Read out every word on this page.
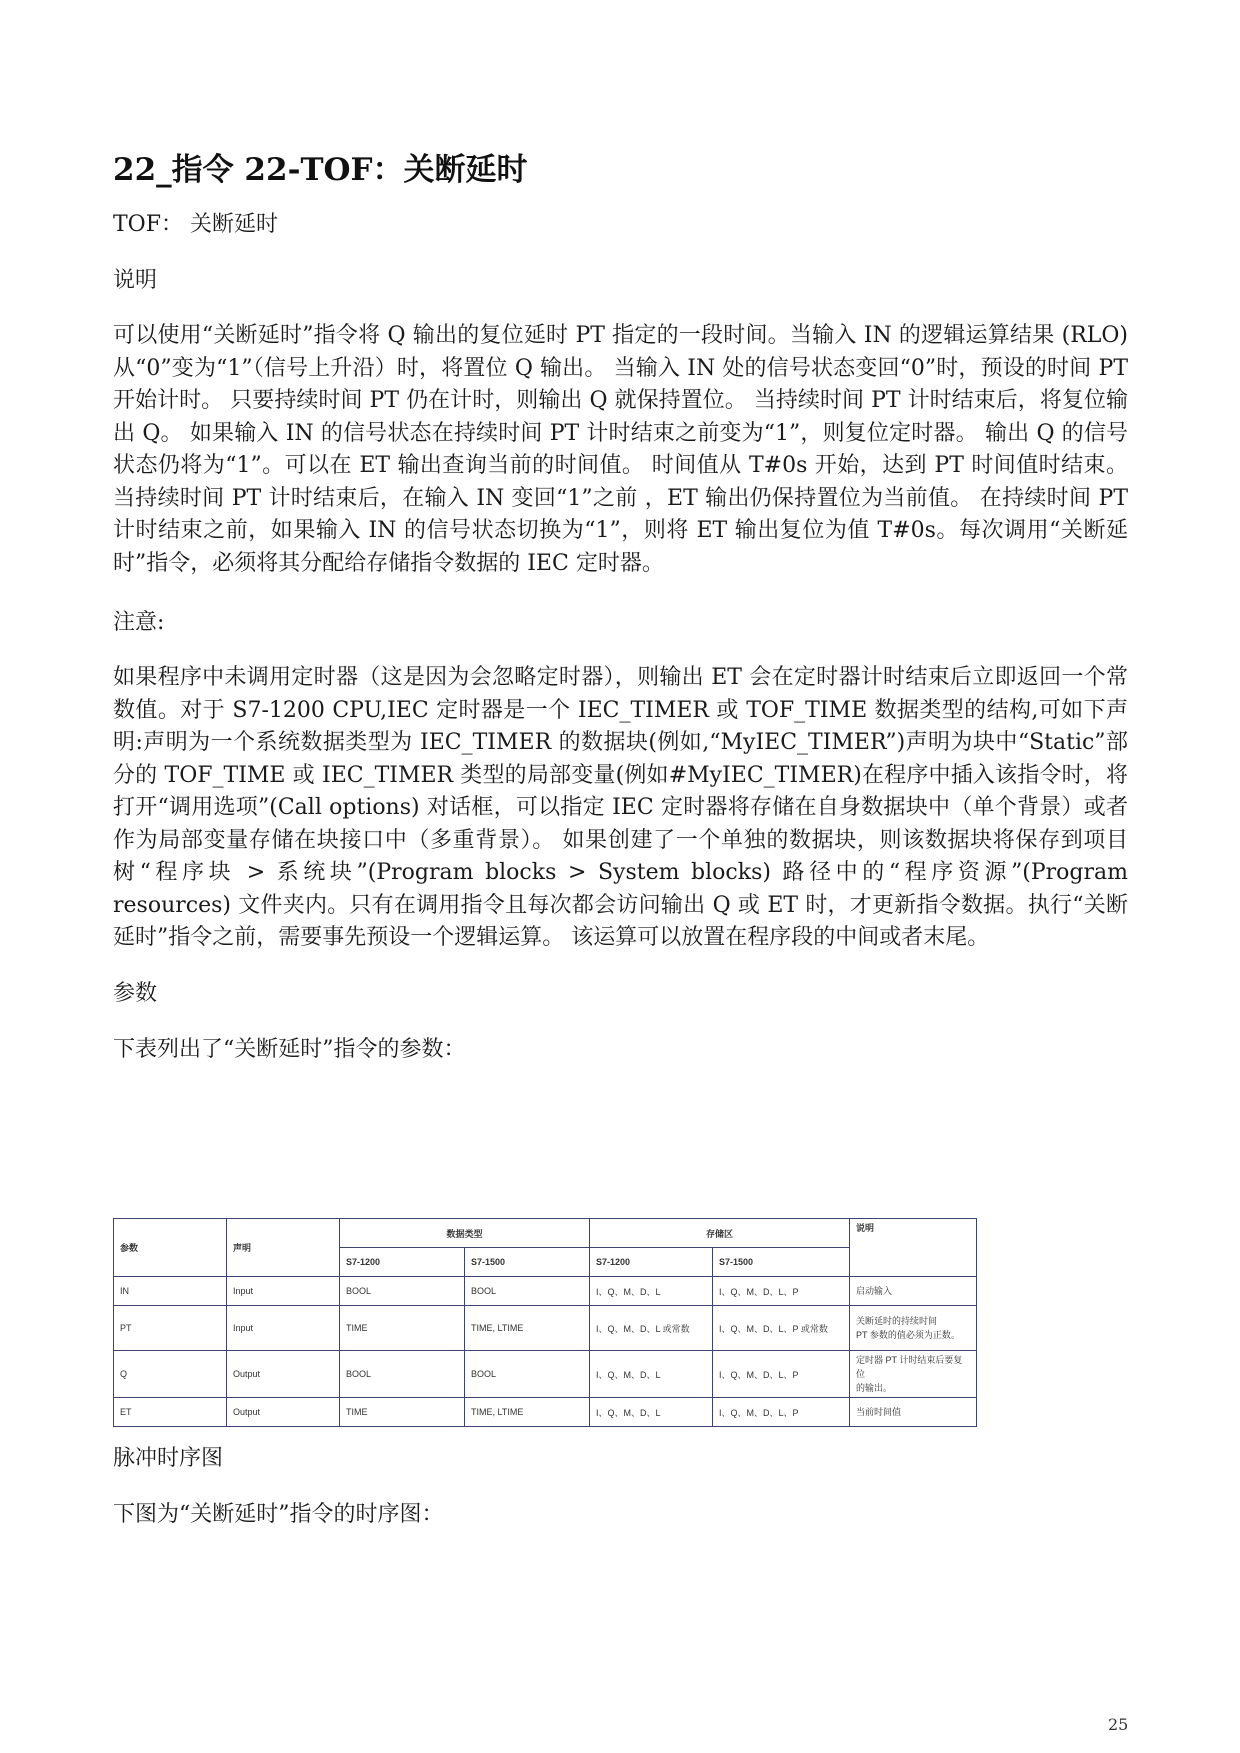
22_指令 22-TOF：关断延时

TOF： 关断延时

说明

可以使用“关断延时”指令将 Q 输出的复位延时 PT 指定的一段时间。当输入 IN 的逻辑运算结果 (RLO) 从“0”变为“1”（信号上升沿）时，将置位 Q 输出。 当输入 IN 处的信号状态变回“0”时，预设的时间 PT 开始计时。 只要持续时间 PT 仍在计时，则输出 Q 就保持置位。 当持续时间 PT 计时结束后，将复位输出 Q。 如果输入 IN 的信号状态在持续时间 PT 计时结束之前变为“1”，则复位定时器。 输出 Q 的信号状态仍将为“1”。可以在 ET 输出查询当前的时间值。 时间值从 T#0s 开始，达到 PT 时间值时结束。 当持续时间 PT 计时结束后，在输入 IN 变回“1”之前 ，ET 输出仍保持置位为当前值。 在持续时间 PT 计时结束之前，如果输入 IN 的信号状态切换为“1”，则将 ET 输出复位为值 T#0s。每次调用“关断延时”指令，必须将其分配给存储指令数据的 IEC 定时器。

注意:

如果程序中未调用定时器（这是因为会忽略定时器），则输出 ET 会在定时器计时结束后立即返回一个常数值。对于 S7-1200 CPU,IEC 定时器是一个 IEC_TIMER 或 TOF_TIME 数据类型的结构,可如下声明:声明为一个系统数据类型为 IEC_TIMER 的数据块(例如,“MyIEC_TIMER”)声明为块中“Static”部分的 TOF_TIME 或 IEC_TIMER 类型的局部变量(例如#MyIEC_TIMER)在程序中插入该指令时，将打开“调用选项”(Call options) 对话框，可以指定 IEC 定时器将存储在自身数据块中（单个背景）或者作为局部变量存储在块接口中（多重背景）。 如果创建了一个单独的数据块，则该数据块将保存到项目树“程序块 > 系统块”(Program blocks > System blocks) 路径中的“程序资源”(Program resources) 文件夹内。只有在调用指令且每次都会访问输出 Q 或 ET 时，才更新指令数据。执行“关断延时”指令之前，需要事先预设一个逻辑运算。 该运算可以放置在程序段的中间或者末尾。

参数

下表列出了“关断延时”指令的参数：

参数	声明	数据类型		存储区		说明
		S7-1200	S7-1500	S7-1200	S7-1500	
IN	Input	BOOL	BOOL	I、Q、M、D、L	I、Q、M、D、L、P	启动输入

PT	Input	TIME	TIME, LTIME	I、Q、M、D、L 或常数	I、Q、M、D、L、P 或常数	关断延时的持续时间
PT 参数的值必须为正数。

Q	Output	BOOL	BOOL	I、Q、M、D、L	I、Q、M、D、L、P	定时器 PT 计时结束后要复位
的输出。

ET	Output	TIME	TIME, LTIME	I、Q、M、D、L	I、Q、M、D、L、P	当前时间值

脉冲时序图

下图为“关断延时”指令的时序图：

25
